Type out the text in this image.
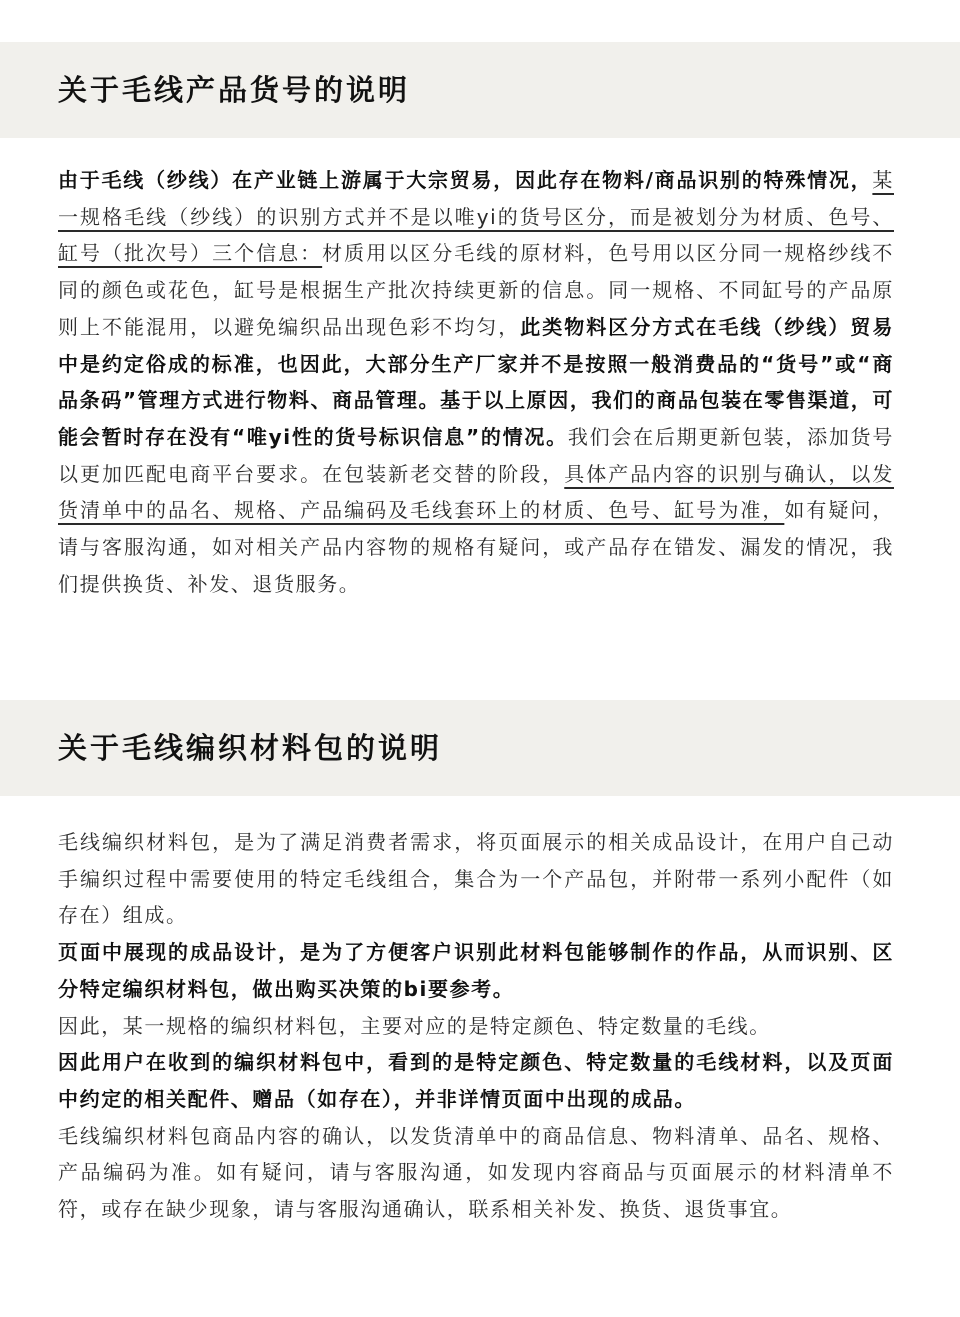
关于毛线产品货号的说明

由于毛线（纱线）在产业链上游属于大宗贸易，因此存在物料/商品识别的特殊情况，某一规格毛线（纱线）的识别方式并不是以唯yi的货号区分，而是被划分为材质、色号、缸号（批次号）三个信息：材质用以区分毛线的原材料，色号用以区分同一规格纱线不同的颜色或花色，缸号是根据生产批次持续更新的信息。同一规格、不同缸号的产品原则上不能混用，以避免编织品出现色彩不均匀，此类物料区分方式在毛线（纱线）贸易中是约定俗成的标准，也因此，大部分生产厂家并不是按照一般消费品的“货号”或“商品条码”管理方式进行物料、商品管理。基于以上原因，我们的商品包装在零售渠道，可能会暂时存在没有“唯yi性的货号标识信息”的情况。我们会在后期更新包装，添加货号以更加匹配电商平台要求。在包装新老交替的阶段，具体产品内容的识别与确认，以发货清单中的品名、规格、产品编码及毛线套环上的材质、色号、缸号为准，如有疑问，请与客服沟通，如对相关产品内容物的规格有疑问，或产品存在错发、漏发的情况，我们提供换货、补发、退货服务。

关于毛线编织材料包的说明
毛线编织材料包，是为了满足消费者需求，将页面展示的相关成品设计，在用户自己动手编织过程中需要使用的特定毛线组合，集合为一个产品包，并附带一系列小配件（如存在）组成。
页面中展现的成品设计，是为了方便客户识别此材料包能够制作的作品，从而识别、区分特定编织材料包，做出购买决策的bi要参考。
因此，某一规格的编织材料包，主要对应的是特定颜色、特定数量的毛线。
因此用户在收到的编织材料包中，看到的是特定颜色、特定数量的毛线材料，以及页面中约定的相关配件、赠品（如存在），并非详情页面中出现的成品。
毛线编织材料包商品内容的确认，以发货清单中的商品信息、物料清单、品名、规格、产品编码为准。如有疑问，请与客服沟通，如发现内容商品与页面展示的材料清单不符，或存在缺少现象，请与客服沟通确认，联系相关补发、换货、退货事宜。
